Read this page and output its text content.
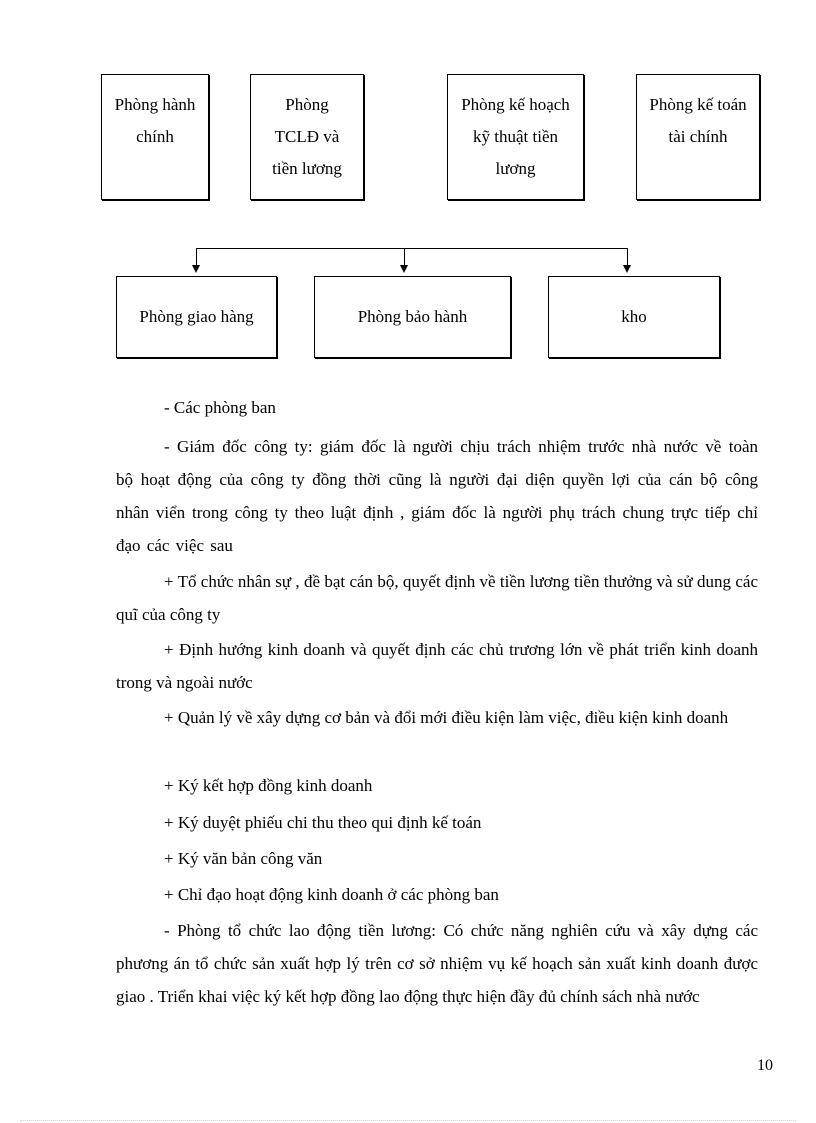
Phòng hành
chính
Phòng
TCLĐ và
tiền lương
Phòng kế hoạch
kỹ thuật tiền
lương
Phòng kế toán
tài chính
Phòng giao hàng	Phòng bảo hành	kho

- Các phòng ban

- Giám đốc công ty: giám đốc là người chịu trách nhiệm trước nhà nước về toàn bộ hoạt động của công ty đồng thời cũng là người đại diện quyền lợi của cán bộ công nhân viển trong công ty theo luật định , giám đốc là người phụ trách chung trực tiếp chỉ đạo các việc sau

+ Tổ chức nhân sự , đề bạt cán bộ, quyết định về tiền lương tiền thưởng và sử dung các quĩ của công ty

+ Định hướng kinh doanh và quyết định các chủ trương lớn về phát triển kinh doanh trong và ngoài nước

+ Quản lý về xây dựng cơ bản và đổi mới điều kiện làm việc, điều kiện kinh doanh

+ Ký kết hợp đồng kinh doanh

+ Ký duyệt phiếu chi thu theo qui định kế toán

+ Ký văn bản công văn

+ Chỉ đạo hoạt động kinh doanh ở các phòng ban

- Phòng tổ chức lao động tiền lương: Có chức năng nghiên cứu và xây dựng các phương án tổ chức sản xuất hợp lý trên cơ sở nhiệm vụ kế hoạch sản xuất kinh doanh được giao . Triển khai việc ký kết hợp đồng lao động thực hiện đầy đủ chính sách nhà nước

10
